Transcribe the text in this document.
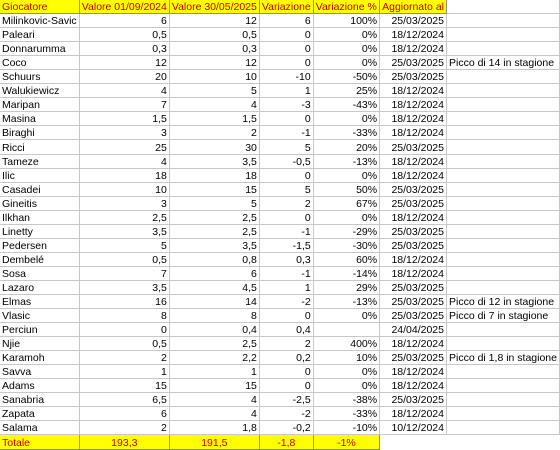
Giocatore	Valore 01/09/2024	Valore 30/05/2025	Variazione	Variazione %	Aggiornato al	
Milinkovic-Savic	6	12	6	100%	25/03/2025	
Paleari	0,5	0,5	0	0%	18/12/2024	
Donnarumma	0,3	0,3	0	0%	18/12/2024	
Coco	12	12	0	0%	25/03/2025	Picco di 14 in stagione
Schuurs	20	10	-10	-50%	25/03/2025	
Walukiewicz	4	5	1	25%	18/12/2024	
Maripan	7	4	-3	-43%	18/12/2024	
Masina	1,5	1,5	0	0%	18/12/2024	
Biraghi	3	2	-1	-33%	18/12/2024	
Ricci	25	30	5	20%	25/03/2025	
Tameze	4	3,5	-0,5	-13%	18/12/2024	
Ilic	18	18	0	0%	18/12/2024	
Casadei	10	15	5	50%	25/03/2025	
Gineitis	3	5	2	67%	25/03/2025	
Ilkhan	2,5	2,5	0	0%	18/12/2024	
Linetty	3,5	2,5	-1	-29%	25/03/2025	
Pedersen	5	3,5	-1,5	-30%	25/03/2025	
Dembelé	0,5	0,8	0,3	60%	18/12/2024	
Sosa	7	6	-1	-14%	18/12/2024	
Lazaro	3,5	4,5	1	29%	25/03/2025	
Elmas	16	14	-2	-13%	25/03/2025	Picco di 12 in stagione
Vlasic	8	8	0	0%	25/03/2025	Picco di 7 in stagione
Perciun	0	0,4	0,4		24/04/2025	
Njie	0,5	2,5	2	400%	18/12/2024	
Karamoh	2	2,2	0,2	10%	25/03/2025	Picco di 1,8 in stagione
Savva	1	1	0	0%	18/12/2024	
Adams	15	15	0	0%	18/12/2024	
Sanabria	6,5	4	-2,5	-38%	25/03/2025	
Zapata	6	4	-2	-33%	18/12/2024	
Salama	2	1,8	-0,2	-10%	10/12/2024	
Totale	193,3	191,5	-1,8	-1%		
